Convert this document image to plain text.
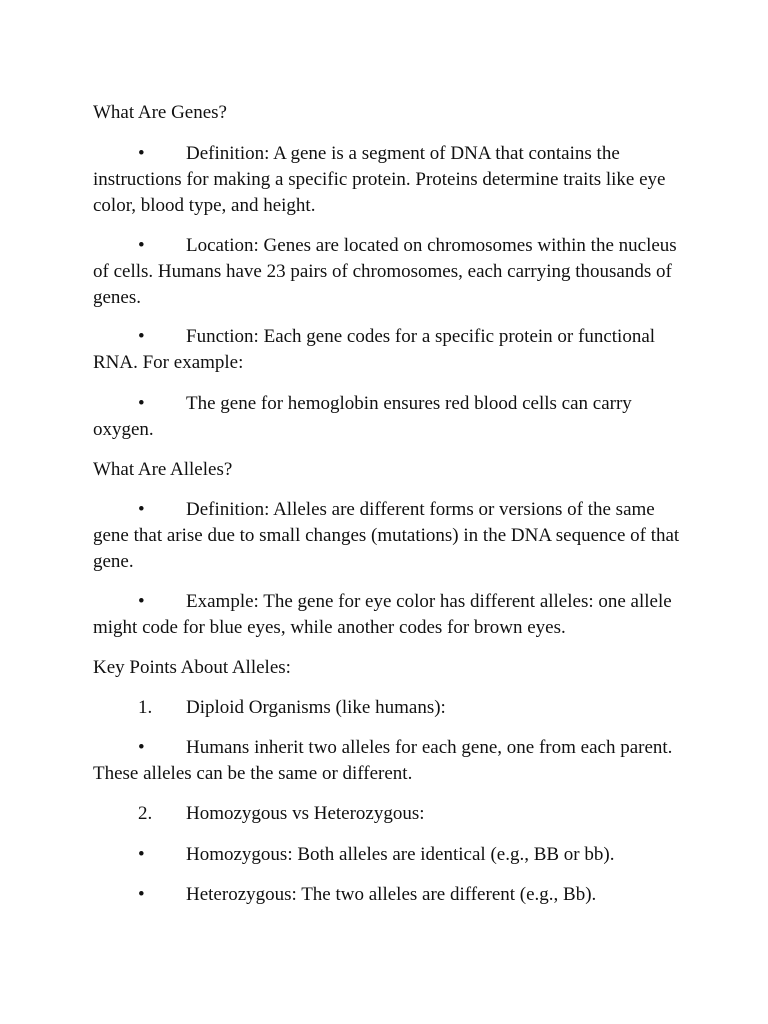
What Are Genes?

• Definition: A gene is a segment of DNA that contains the instructions for making a specific protein. Proteins determine traits like eye color, blood type, and height.

• Location: Genes are located on chromosomes within the nucleus of cells. Humans have 23 pairs of chromosomes, each carrying thousands of genes.

• Function: Each gene codes for a specific protein or functional RNA. For example:

• The gene for hemoglobin ensures red blood cells can carry oxygen.

What Are Alleles?

• Definition: Alleles are different forms or versions of the same gene that arise due to small changes (mutations) in the DNA sequence of that gene.

• Example: The gene for eye color has different alleles: one allele might code for blue eyes, while another codes for brown eyes.

Key Points About Alleles:

1. Diploid Organisms (like humans):

• Humans inherit two alleles for each gene, one from each parent. These alleles can be the same or different.

2. Homozygous vs Heterozygous:

• Homozygous: Both alleles are identical (e.g., BB or bb).

• Heterozygous: The two alleles are different (e.g., Bb).
